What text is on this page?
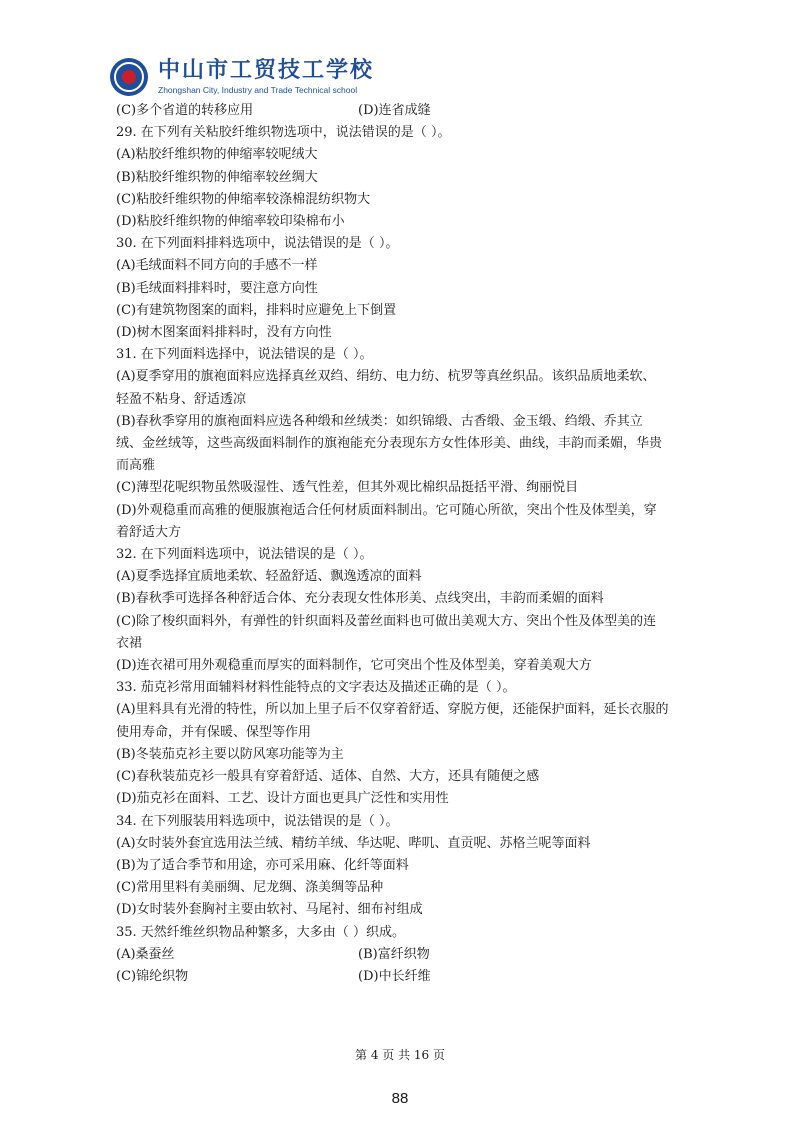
中山市工贸技工学校
Zhongshan City, Industry and Trade Technical school
(C)多个省道的转移应用	(D)连省成缝
29. 在下列有关粘胶纤维织物选项中，说法错误的是（ ）。
(A)粘胶纤维织物的伸缩率较呢绒大
(B)粘胶纤维织物的伸缩率较丝绸大
(C)粘胶纤维织物的伸缩率较涤棉混纺织物大
(D)粘胶纤维织物的伸缩率较印染棉布小
30. 在下列面料排料选项中，说法错误的是（ ）。
(A)毛绒面料不同方向的手感不一样
(B)毛绒面料排料时，要注意方向性
(C)有建筑物图案的面料，排料时应避免上下倒置
(D)树木图案面料排料时，没有方向性
31. 在下列面料选择中，说法错误的是（ ）。
(A)夏季穿用的旗袍面料应选择真丝双绉、绢纺、电力纺、杭罗等真丝织品。该织品质地柔软、
轻盈不粘身、舒适透凉
(B)春秋季穿用的旗袍面料应选各种缎和丝绒类：如织锦缎、古香缎、金玉缎、绉缎、乔其立
绒、金丝绒等，这些高级面料制作的旗袍能充分表现东方女性体形美、曲线，丰韵而柔媚，华贵
而高雅
(C)薄型花呢织物虽然吸湿性、透气性差，但其外观比棉织品挺括平滑、绚丽悦目
(D)外观稳重而高雅的便服旗袍适合任何材质面料制出。它可随心所欲，突出个性及体型美，穿
着舒适大方
32. 在下列面料选项中，说法错误的是（ ）。
(A)夏季选择宜质地柔软、轻盈舒适、飘逸透凉的面料
(B)春秋季可选择各种舒适合体、充分表现女性体形美、点线突出，丰韵而柔媚的面料
(C)除了梭织面料外，有弹性的针织面料及蕾丝面料也可做出美观大方、突出个性及体型美的连
衣裙
(D)连衣裙可用外观稳重而厚实的面料制作，它可突出个性及体型美，穿着美观大方
33. 茄克衫常用面辅料材料性能特点的文字表达及描述正确的是（ ）。
(A)里料具有光滑的特性，所以加上里子后不仅穿着舒适、穿脱方便，还能保护面料，延长衣服的
使用寿命，并有保暖、保型等作用
(B)冬装茄克衫主要以防风寒功能等为主
(C)春秋装茄克衫一般具有穿着舒适、适体、自然、大方，还具有随便之感
(D)茄克衫在面料、工艺、设计方面也更具广泛性和实用性
34. 在下列服装用料选项中，说法错误的是（ ）。
(A)女时装外套宜选用法兰绒、精纺羊绒、华达呢、哔叽、直贡呢、苏格兰呢等面料
(B)为了适合季节和用途，亦可采用麻、化纤等面料
(C)常用里料有美丽绸、尼龙绸、涤美绸等品种
(D)女时装外套胸衬主要由软衬、马尾衬、细布衬组成
35. 天然纤维丝织物品种繁多，大多由（ ）织成。
(A)桑蚕丝	(B)富纤织物
(C)锦纶织物	(D)中长纤维
第 4 页 共 16 页
88
